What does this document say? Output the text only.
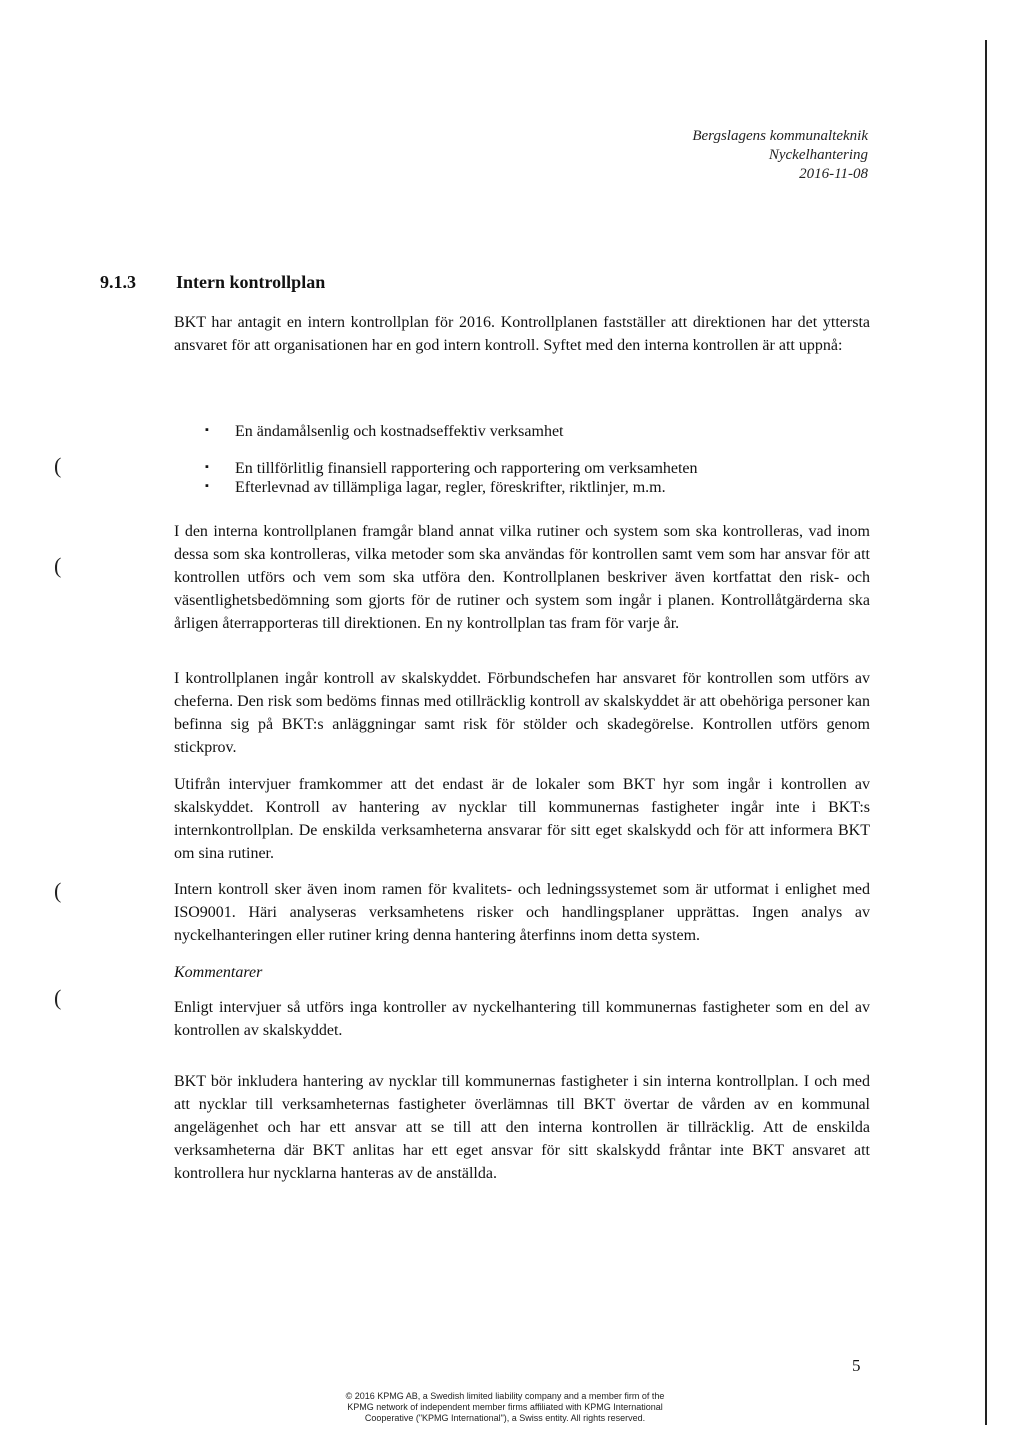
Bergslagens kommunalteknik
Nyckelhantering
2016-11-08
9.1.3 Intern kontrollplan

BKT har antagit en intern kontrollplan för 2016. Kontrollplanen fastställer att direktionen har det yttersta ansvaret för att organisationen har en god intern kontroll. Syftet med den interna kontrollen är att uppnå:

▪ En ändamålsenlig och kostnadseffektiv verksamhet
▪ En tillförlitlig finansiell rapportering och rapportering om verksamheten
▪ Efterlevnad av tillämpliga lagar, regler, föreskrifter, riktlinjer, m.m.

I den interna kontrollplanen framgår bland annat vilka rutiner och system som ska kontrolleras, vad inom dessa som ska kontrolleras, vilka metoder som ska användas för kontrollen samt vem som har ansvar för att kontrollen utförs och vem som ska utföra den. Kontrollplanen beskriver även kortfattat den risk- och väsentlighetsbedömning som gjorts för de rutiner och system som ingår i planen. Kontrollåtgärderna ska årligen återrapporteras till direktionen. En ny kontrollplan tas fram för varje år.

I kontrollplanen ingår kontroll av skalskyddet. Förbundschefen har ansvaret för kontrollen som utförs av cheferna. Den risk som bedöms finnas med otillräcklig kontroll av skalskyddet är att obehöriga personer kan befinna sig på BKT:s anläggningar samt risk för stölder och skadegörelse. Kontrollen utförs genom stickprov.

Utifrån intervjuer framkommer att det endast är de lokaler som BKT hyr som ingår i kontrollen av skalskyddet. Kontroll av hantering av nycklar till kommunernas fastigheter ingår inte i BKT:s internkontrollplan. De enskilda verksamheterna ansvarar för sitt eget skalskydd och för att informera BKT om sina rutiner.

Intern kontroll sker även inom ramen för kvalitets- och ledningssystemet som är utformat i enlighet med ISO9001. Häri analyseras verksamhetens risker och handlingsplaner upprättas. Ingen analys av nyckelhanteringen eller rutiner kring denna hantering återfinns inom detta system.

Kommentarer

Enligt intervjuer så utförs inga kontroller av nyckelhantering till kommunernas fastigheter som en del av kontrollen av skalskyddet.

BKT bör inkludera hantering av nycklar till kommunernas fastigheter i sin interna kontrollplan. I och med att nycklar till verksamheternas fastigheter överlämnas till BKT övertar de vården av en kommunal angelägenhet och har ett ansvar att se till att den interna kontrollen är tillräcklig. Att de enskilda verksamheterna där BKT anlitas har ett eget ansvar för sitt skalskydd fråntar inte BKT ansvaret att kontrollera hur nycklarna hanteras av de anställda.

(
(
(
(
© 2016 KPMG AB, a Swedish limited liability company and a member firm of the
KPMG network of independent member firms affiliated with KPMG International
Cooperative ("KPMG International"), a Swiss entity. All rights reserved.
5
